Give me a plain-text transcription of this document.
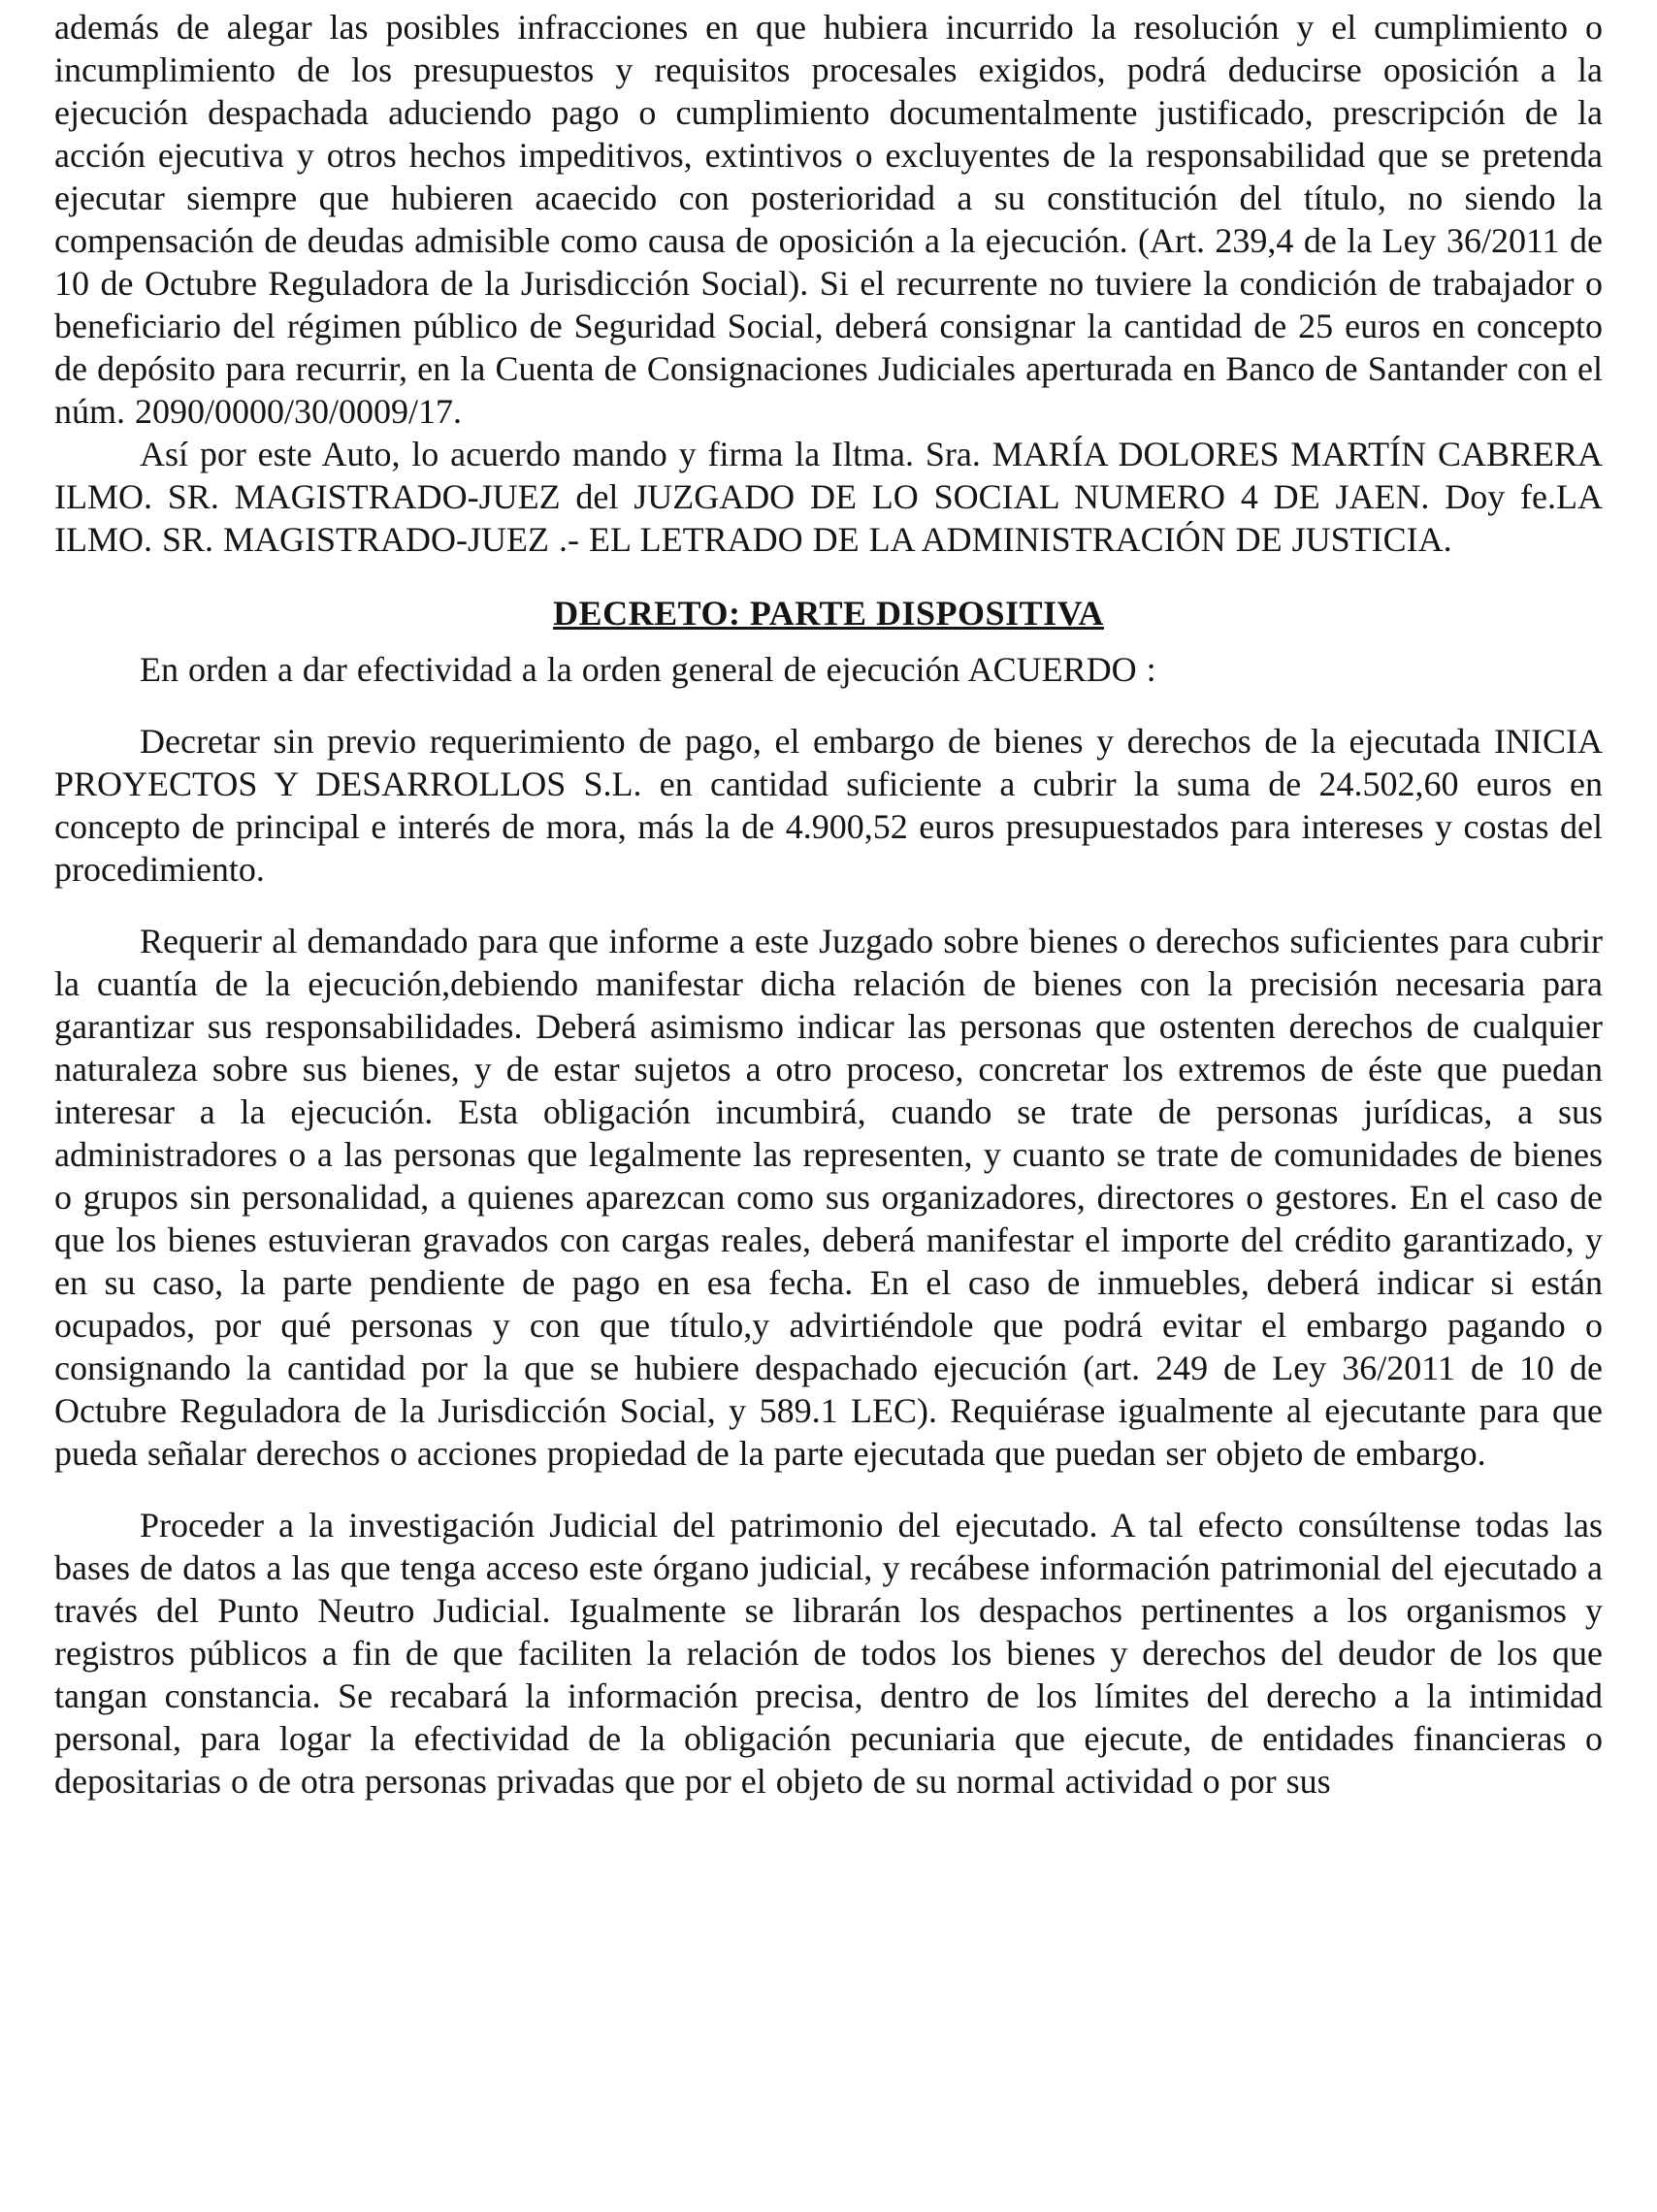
además de alegar las posibles infracciones en que hubiera incurrido la resolución y el cumplimiento o incumplimiento de los presupuestos y requisitos procesales exigidos, podrá deducirse oposición a la ejecución despachada aduciendo pago o cumplimiento documentalmente justificado, prescripción de la acción ejecutiva y otros hechos impeditivos, extintivos o excluyentes de la responsabilidad que se pretenda ejecutar siempre que hubieren acaecido con posterioridad a su constitución del título, no siendo la compensación de deudas admisible como causa de oposición a la ejecución. (Art. 239,4 de la Ley 36/2011 de 10 de Octubre Reguladora de la Jurisdicción Social). Si el recurrente no tuviere la condición de trabajador o beneficiario del régimen público de Seguridad Social, deberá consignar la cantidad de 25 euros en concepto de depósito para recurrir, en la Cuenta de Consignaciones Judiciales aperturada en Banco de Santander con el núm. 2090/0000/30/0009/17.

Así por este Auto, lo acuerdo mando y firma la Iltma. Sra. MARÍA DOLORES MARTÍN CABRERA ILMO. SR. MAGISTRADO-JUEZ del JUZGADO DE LO SOCIAL NUMERO 4 DE JAEN. Doy fe.LA ILMO. SR. MAGISTRADO-JUEZ .- EL LETRADO DE LA ADMINISTRACIÓN DE JUSTICIA.

DECRETO: PARTE DISPOSITIVA

En orden a dar efectividad a la orden general de ejecución ACUERDO :

Decretar sin previo requerimiento de pago, el embargo de bienes y derechos de la ejecutada INICIA PROYECTOS Y DESARROLLOS S.L. en cantidad suficiente a cubrir la suma de 24.502,60 euros en concepto de principal e interés de mora, más la de 4.900,52 euros presupuestados para intereses y costas del procedimiento.

Requerir al demandado para que informe a este Juzgado sobre bienes o derechos suficientes para cubrir la cuantía de la ejecución,debiendo manifestar dicha relación de bienes con la precisión necesaria para garantizar sus responsabilidades. Deberá asimismo indicar las personas que ostenten derechos de cualquier naturaleza sobre sus bienes, y de estar sujetos a otro proceso, concretar los extremos de éste que puedan interesar a la ejecución. Esta obligación incumbirá, cuando se trate de personas jurídicas, a sus administradores o a las personas que legalmente las representen, y cuanto se trate de comunidades de bienes o grupos sin personalidad, a quienes aparezcan como sus organizadores, directores o gestores. En el caso de que los bienes estuvieran gravados con cargas reales, deberá manifestar el importe del crédito garantizado, y en su caso, la parte pendiente de pago en esa fecha. En el caso de inmuebles, deberá indicar si están ocupados, por qué personas y con que título,y advirtiéndole que podrá evitar el embargo pagando o consignando la cantidad por la que se hubiere despachado ejecución (art. 249 de Ley 36/2011 de 10 de Octubre Reguladora de la Jurisdicción Social, y 589.1 LEC). Requiérase igualmente al ejecutante para que pueda señalar derechos o acciones propiedad de la parte ejecutada que puedan ser objeto de embargo.

Proceder a la investigación Judicial del patrimonio del ejecutado. A tal efecto consúltense todas las bases de datos a las que tenga acceso este órgano judicial, y recábese información patrimonial del ejecutado a través del Punto Neutro Judicial. Igualmente se librarán los despachos pertinentes a los organismos y registros públicos a fin de que faciliten la relación de todos los bienes y derechos del deudor de los que tangan constancia. Se recabará la información precisa, dentro de los límites del derecho a la intimidad personal, para logar la efectividad de la obligación pecuniaria que ejecute, de entidades financieras o depositarias o de otra personas privadas que por el objeto de su normal actividad o por sus
